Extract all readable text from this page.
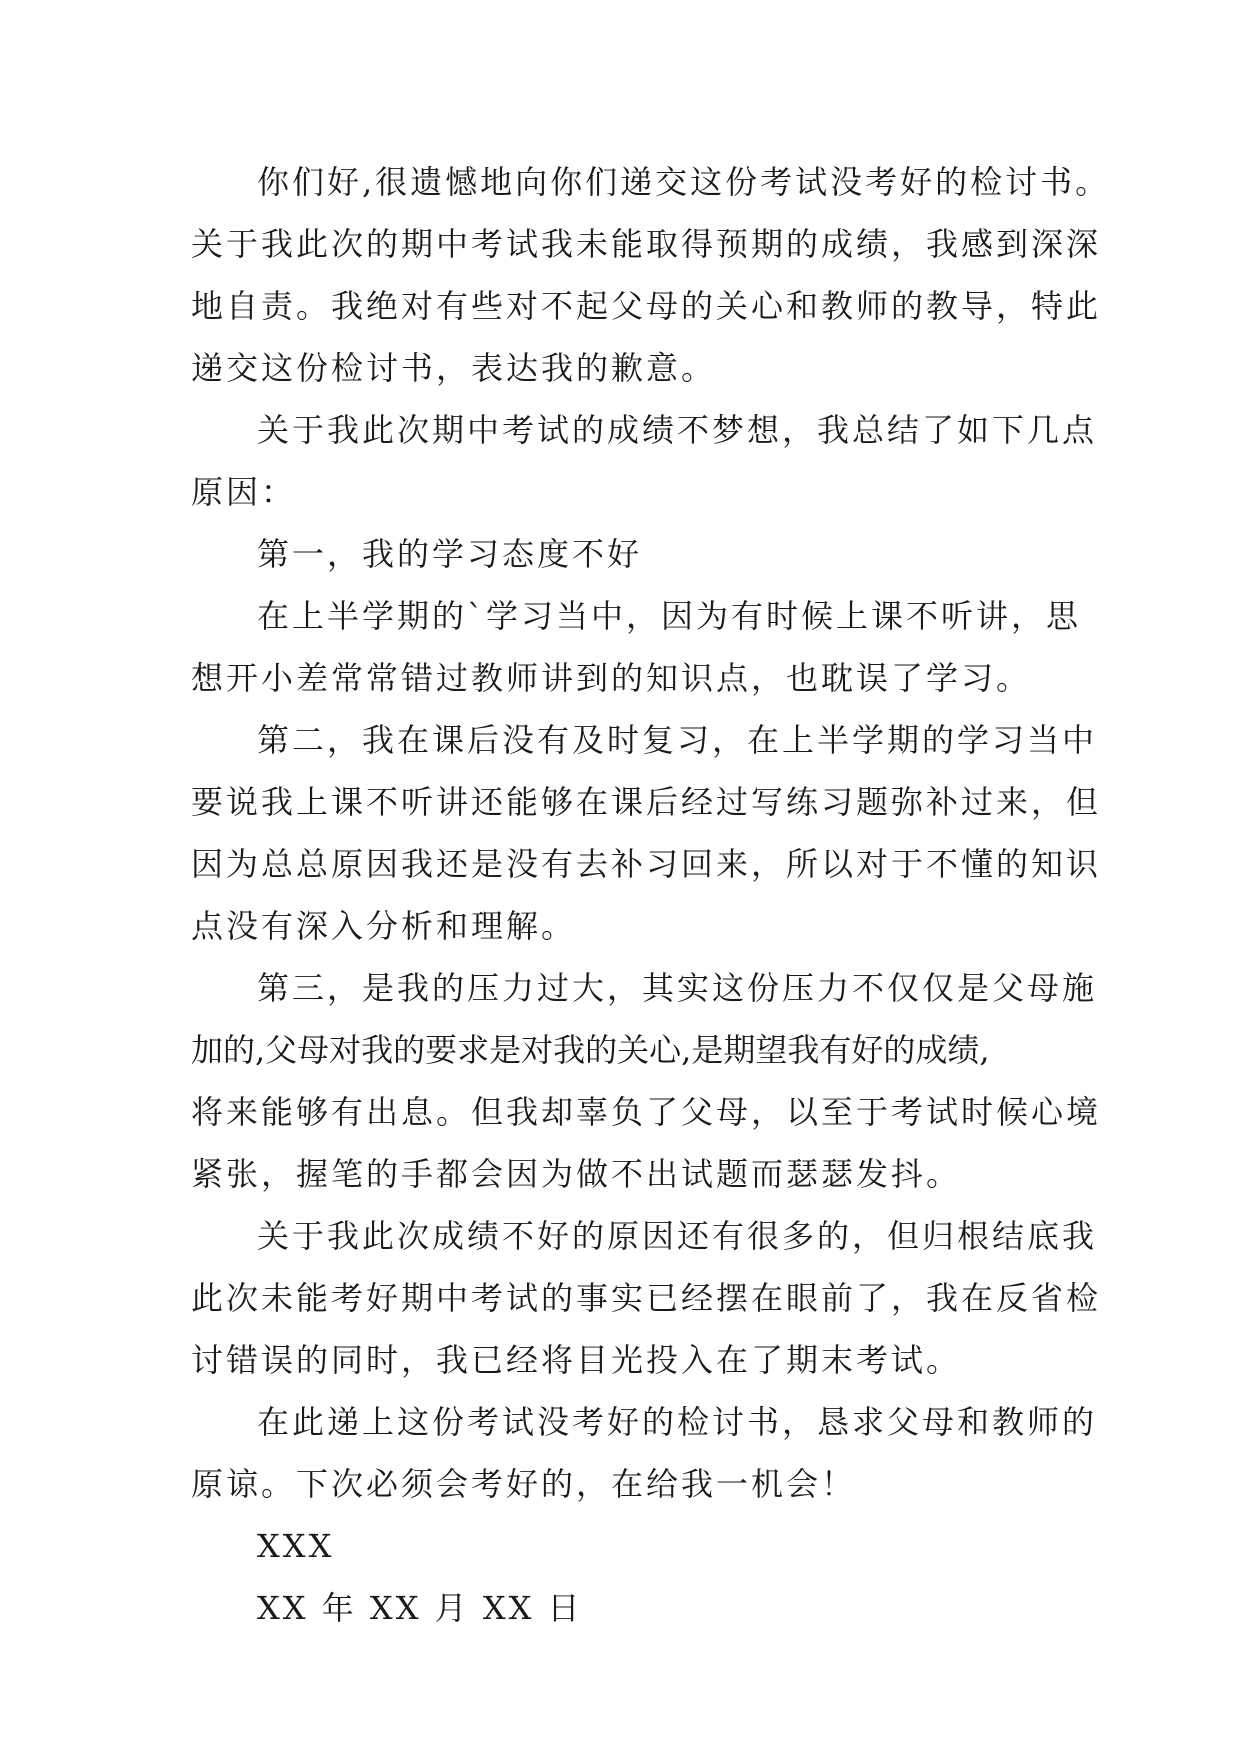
你们好,很遗憾地向你们递交这份考试没考好的检讨书。
关于我此次的期中考试我未能取得预期的成绩，我感到深深
地自责。我绝对有些对不起父母的关心和教师的教导，特此
递交这份检讨书，表达我的歉意。
关于我此次期中考试的成绩不梦想，我总结了如下几点
原因：
第一，我的学习态度不好
在上半学期的`学习当中，因为有时候上课不听讲，思
想开小差常常错过教师讲到的知识点，也耽误了学习。
第二，我在课后没有及时复习，在上半学期的学习当中
要说我上课不听讲还能够在课后经过写练习题弥补过来，但
因为总总原因我还是没有去补习回来，所以对于不懂的知识
点没有深入分析和理解。
第三，是我的压力过大，其实这份压力不仅仅是父母施
加的,父母对我的要求是对我的关心,是期望我有好的成绩,
将来能够有出息。但我却辜负了父母，以至于考试时候心境
紧张，握笔的手都会因为做不出试题而瑟瑟发抖。
关于我此次成绩不好的原因还有很多的，但归根结底我
此次未能考好期中考试的事实已经摆在眼前了，我在反省检
讨错误的同时，我已经将目光投入在了期末考试。
在此递上这份考试没考好的检讨书，恳求父母和教师的
原谅。下次必须会考好的，在给我一机会！
XXX
XX 年 XX 月 XX 日
